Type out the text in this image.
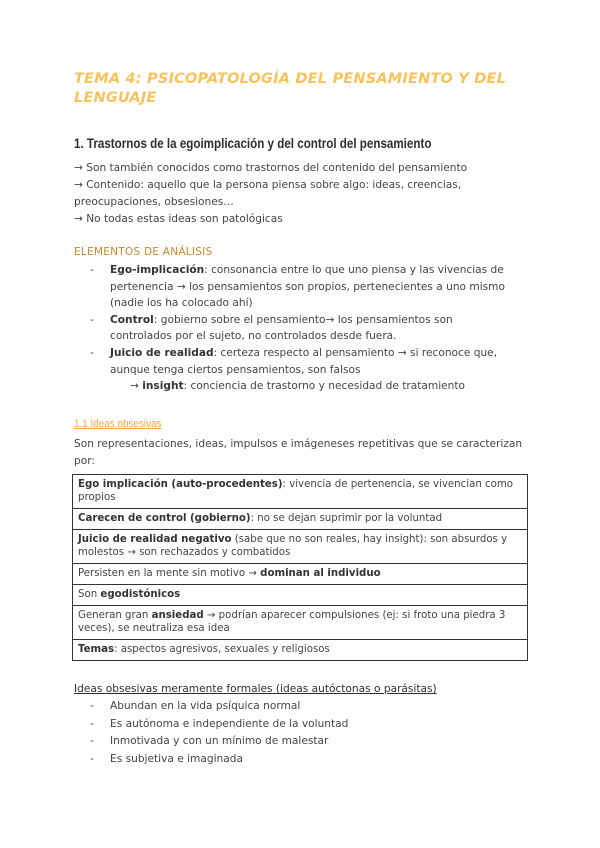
TEMA 4: PSICOPATOLOGÍA DEL PENSAMIENTO Y DEL LENGUAJE
1. Trastornos de la egoimplicación y del control del pensamiento
→ Son también conocidos como trastornos del contenido del pensamiento
→ Contenido: aquello que la persona piensa sobre algo: ideas, creencias, preocupaciones, obsesiones…
→ No todas estas ideas son patológicas
ELEMENTOS DE ANÁLISIS
- Ego-implicación: consonancia entre lo que uno piensa y las vivencias de pertenencia → los pensamientos son propios, pertenecientes a uno mismo (nadie los ha colocado ahí)
- Control: gobierno sobre el pensamiento→ los pensamientos son controlados por el sujeto, no controlados desde fuera.
- Juicio de realidad: certeza respecto al pensamiento → si reconoce que, aunque tenga ciertos pensamientos, son falsos
→ insight: conciencia de trastorno y necesidad de tratamiento
1.1 Ideas obsesivas
Son representaciones, ideas, impulsos e imágeneses repetitivas que se caracterizan por:
Ego implicación (auto-procedentes): vivencia de pertenencia, se vivencian como propios
Carecen de control (gobierno): no se dejan suprimir por la voluntad
Juicio de realidad negativo (sabe que no son reales, hay insight): son absurdos y molestos → son rechazados y combatidos
Persisten en la mente sin motivo → dominan al individuo
Son egodistónicos
Generan gran ansiedad → podrían aparecer compulsiones (ej: si froto una piedra 3 veces), se neutraliza esa idea
Temas: aspectos agresivos, sexuales y religiosos
Ideas obsesivas meramente formales (ideas autóctonas o parásitas)
- Abundan en la vida psíquica normal
- Es autónoma e independiente de la voluntad
- Inmotivada y con un mínimo de malestar
- Es subjetiva e imaginada
